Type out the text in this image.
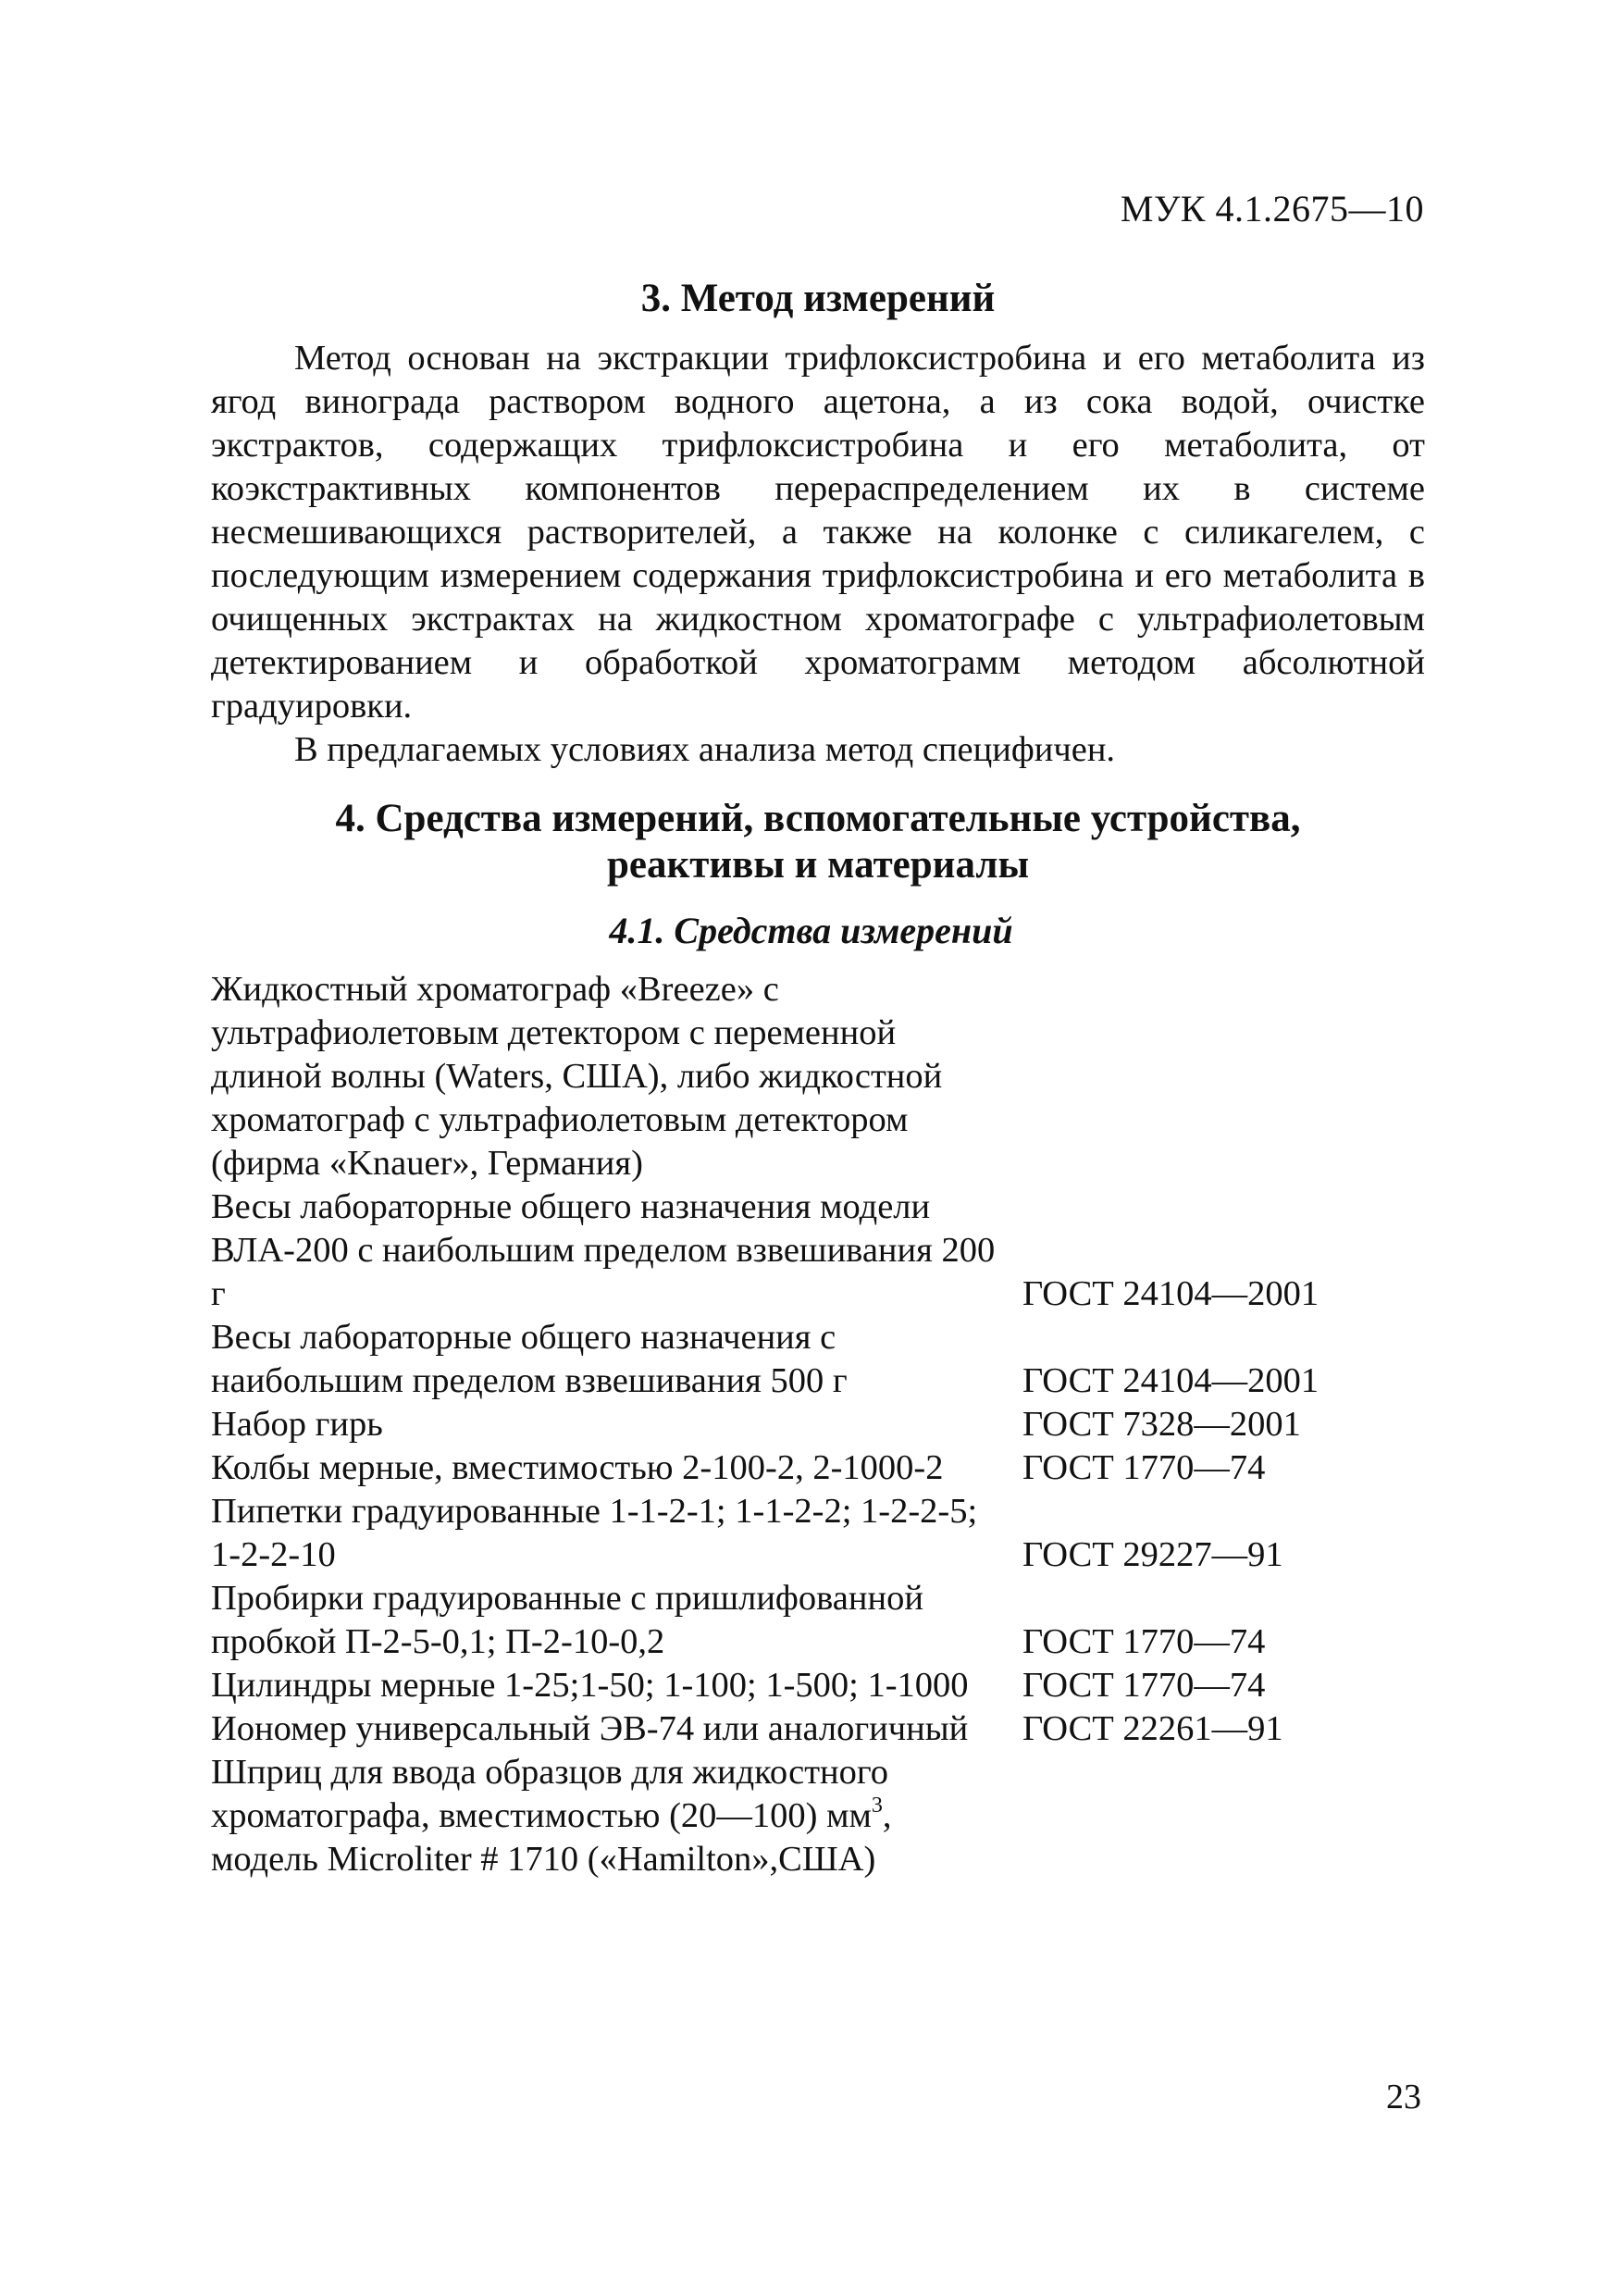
МУК 4.1.2675—10
3. Метод измерений

Метод основан на экстракции трифлоксистробина и его метаболита из ягод винограда раствором водного ацетона, а из сока водой, очистке экстрактов, содержащих трифлоксистробина и его метаболита, от коэкстрактивных компонентов перераспределением их в системе несмешивающихся растворителей, а также на колонке с силикагелем, с последующим измерением содержания трифлоксистробина и его метаболита в очищенных экстрактах на жидкостном хроматографе с ультрафиолетовым детектированием и обработкой хроматограмм методом абсолютной градуировки.

В предлагаемых условиях анализа метод специфичен.

4. Средства измерений, вспомогательные устройства,
реактивы и материалы
4.1. Средства измерений
Жидкостный хроматограф «Breeze» с ультрафиолетовым детектором с переменной длиной волны (Waters, США), либо жидкостной хроматограф с ультрафиолетовым детектором (фирма «Knauer», Германия)	
Весы лабораторные общего назначения модели ВЛА-200 с наибольшим пределом взвешивания 200 г	ГОСТ 24104—2001
Весы лабораторные общего назначения с наибольшим пределом взвешивания 500 г	ГОСТ 24104—2001
Набор гирь	ГОСТ 7328—2001
Колбы мерные, вместимостью 2-100-2, 2-1000-2	ГОСТ 1770—74
Пипетки градуированные 1-1-2-1; 1-1-2-2; 1-2-2-5; 1-2-2-10	ГОСТ 29227—91
Пробирки градуированные с пришлифованной пробкой П-2-5-0,1; П-2-10-0,2	ГОСТ 1770—74
Цилиндры мерные 1-25;1-50; 1-100; 1-500; 1-1000	ГОСТ 1770—74
Иономер универсальный ЭВ-74 или аналогичный	ГОСТ 22261—91
Шприц для ввода образцов для жидкостного хроматографа, вместимостью (20—100) $мм^3$, модель Microliter # 1710 («Hamilton»,США)	
23
